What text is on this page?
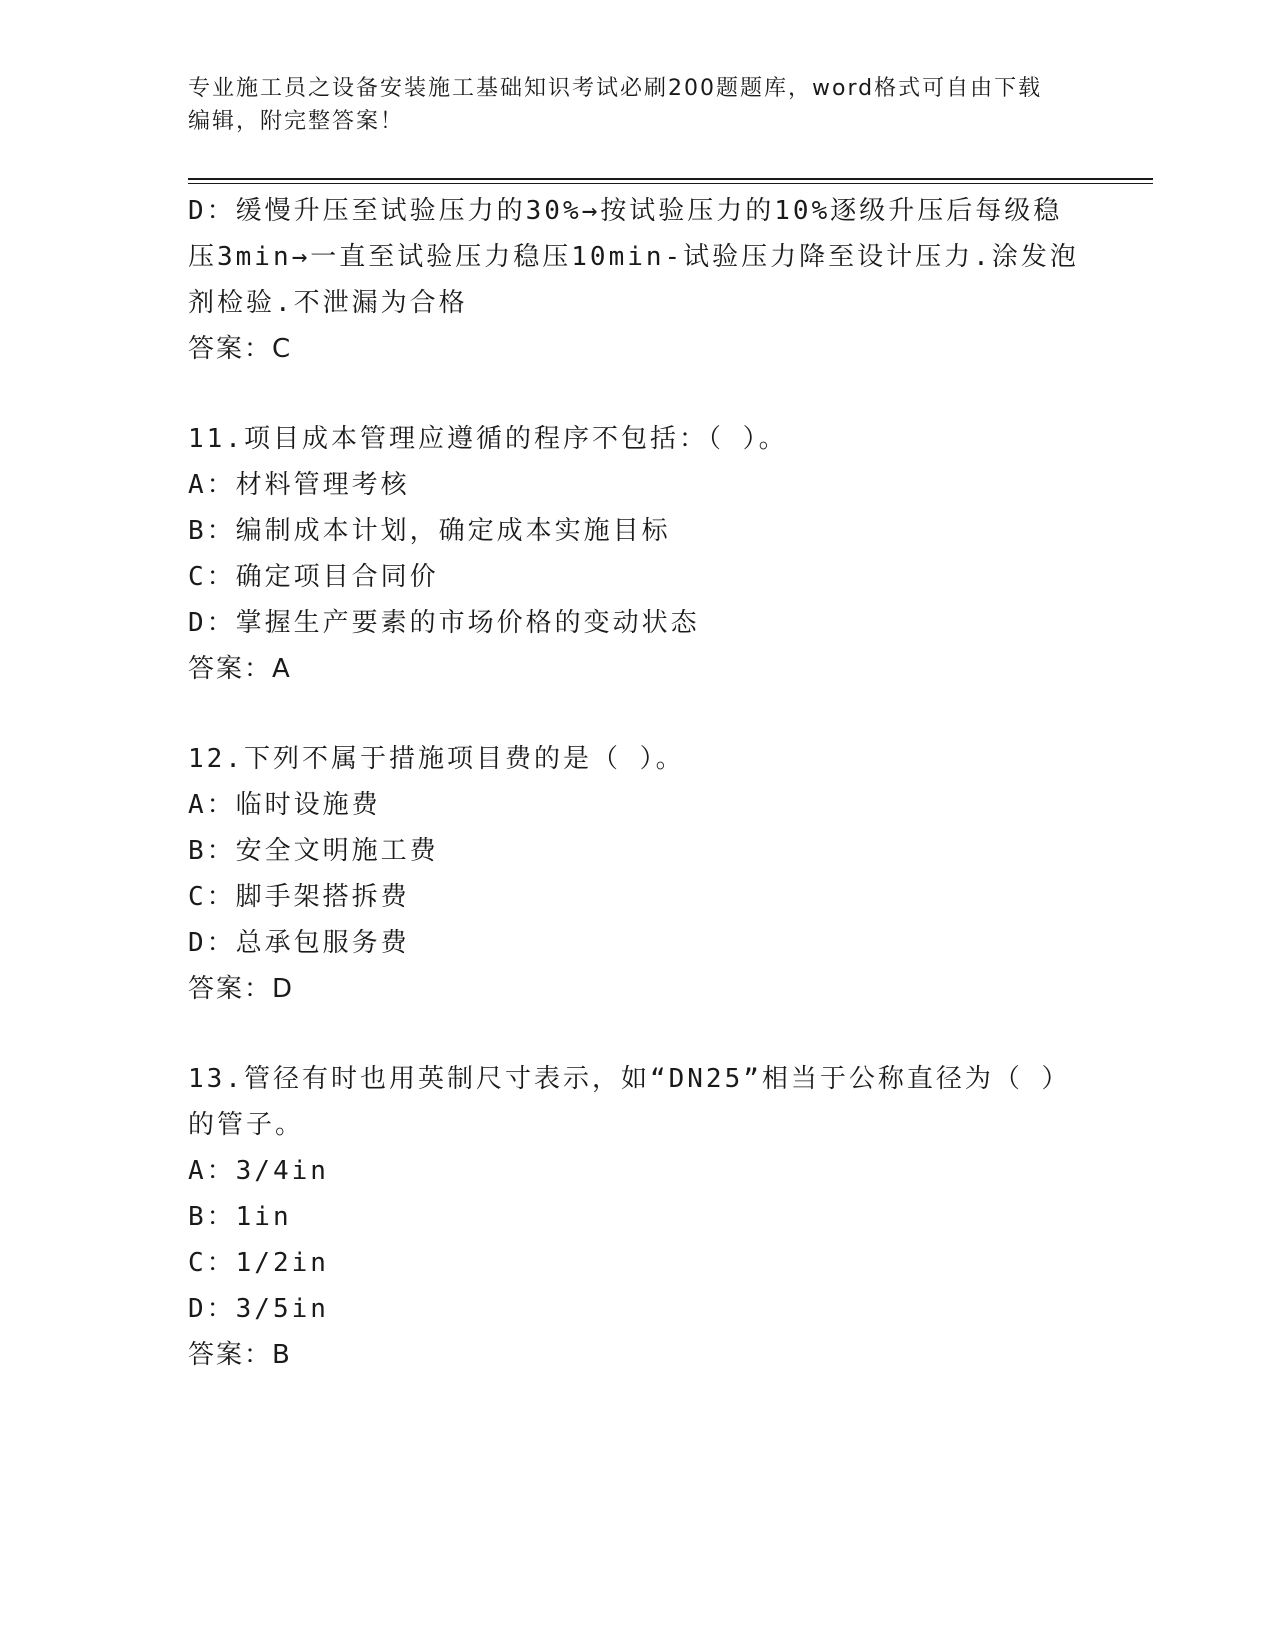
专业施工员之设备安装施工基础知识考试必刷200题题库，word格式可自由下载
编辑，附完整答案！
D：缓慢升压至试验压力的30%→按试验压力的10%逐级升压后每级稳
压3min→一直至试验压力稳压10min-试验压力降至设计压力.涂发泡
剂检验.不泄漏为合格
答案：C
11.项目成本管理应遵循的程序不包括：（ ）。
A：材料管理考核
B：编制成本计划，确定成本实施目标
C：确定项目合同价
D：掌握生产要素的市场价格的变动状态
答案：A
12.下列不属于措施项目费的是（ ）。
A：临时设施费
B：安全文明施工费
C：脚手架搭拆费
D：总承包服务费
答案：D
13.管径有时也用英制尺寸表示，如“DN25”相当于公称直径为（ ）
的管子。
A：3/4in
B：1in
C：1/2in
D：3/5in
答案：B
